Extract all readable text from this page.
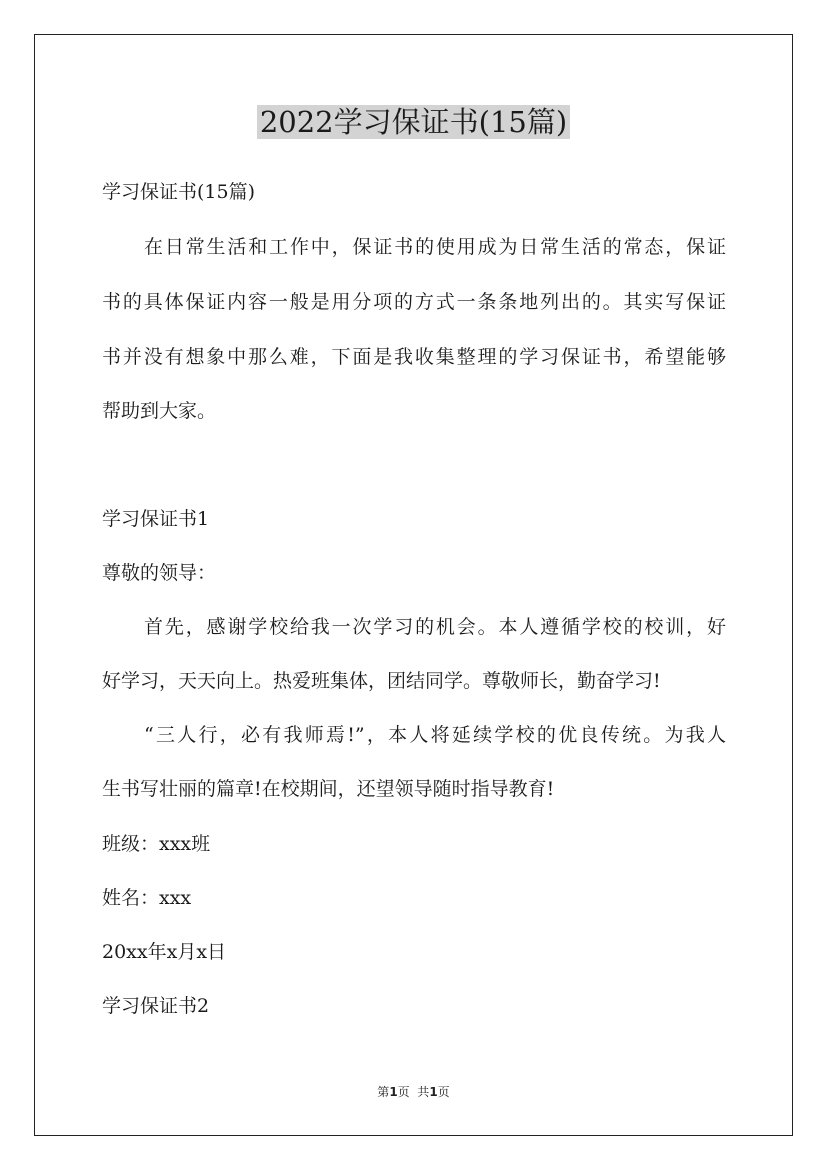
2022学习保证书(15篇)
学习保证书(15篇)
在日常生活和工作中，保证书的使用成为日常生活的常态，保证
书的具体保证内容一般是用分项的方式一条条地列出的。其实写保证
书并没有想象中那么难，下面是我收集整理的学习保证书，希望能够
帮助到大家。
学习保证书1
尊敬的领导：
首先，感谢学校给我一次学习的机会。本人遵循学校的校训，好
好学习，天天向上。热爱班集体，团结同学。尊敬师长，勤奋学习!
“三人行，必有我师焉!”，本人将延续学校的优良传统。为我人
生书写壮丽的篇章!在校期间，还望领导随时指导教育!
班级：xxx班
姓名：xxx
20xx年x月x日
学习保证书2
第1页  共1页
